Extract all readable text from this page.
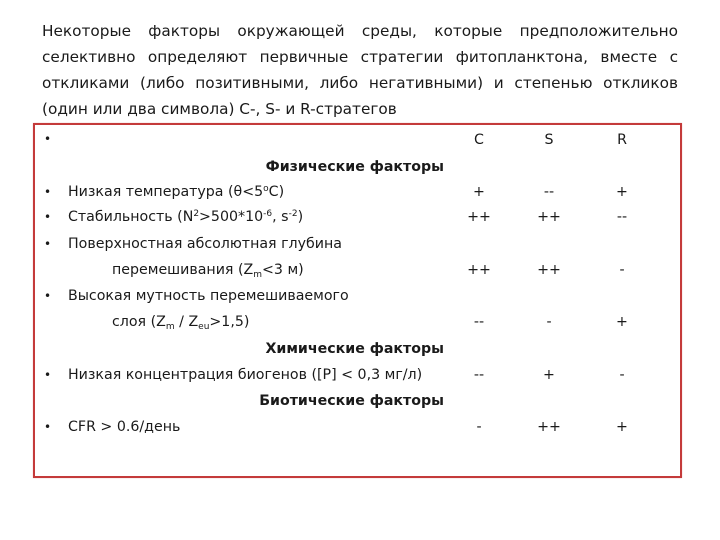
Некоторые факторы окружающей среды, которые предположительно селективно определяют первичные стратегии фитопланктона, вместе с откликами (либо позитивными, либо негативными) и степенью откликов (один или два символа) С-, S- и R-стратегов

•	C	S	R
Физические факторы
• Низкая температура $(\theta<5^oC)$	+	--	+
• Стабильность ($N^2>500*10^{-6}$, $s^{-2}$)	++	++	--
• Поверхностная абсолютная глубина
перемешивания ($Z_m<3$ м)	++	++	-
• Высокая мутность перемешиваемого
слоя $(Z_m / Z_{eu}>1,5)$	--	-	+
Химические факторы
• Низкая концентрация биогенов ([P] < 0,3 мг/л)	--	+	-
Биотические факторы
• CFR > 0.6/день	-	++	+
